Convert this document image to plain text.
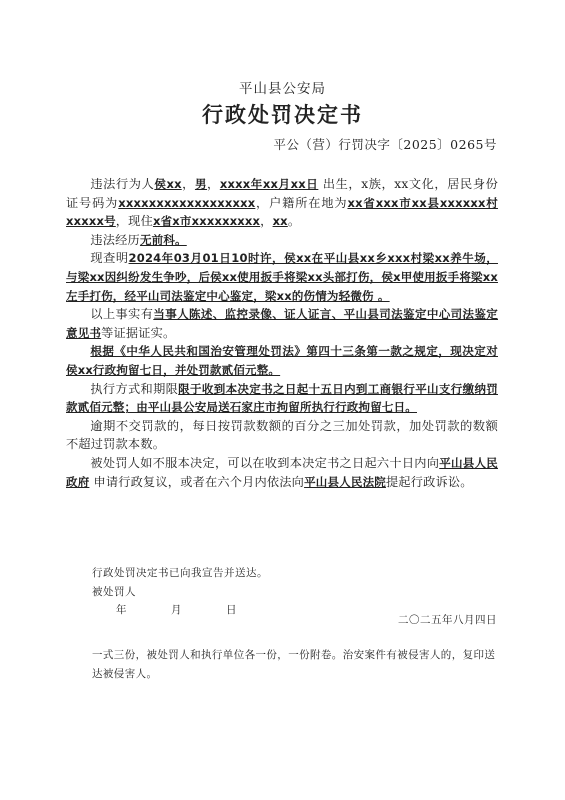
平山县公安局
行政处罚决定书
平公（营）行罚决字〔2025〕0265号

违法行为人侯xx，男，xxxx年xx月xx日 出生，x族，xx文化，居民身份证号码为xxxxxxxxxxxxxxxxxx，户籍所在地为xx省xxx市xx县xxxxxx村xxxxx号，现住x省x市xxxxxxxxx，xx。

违法经历无前科。

现查明2024年03月01日10时许，侯xx在平山县xx乡xxx村梁xx养牛场，与梁xx因纠纷发生争吵，后侯xx使用扳手将梁xx头部打伤，侯x甲使用扳手将梁xx左手打伤，经平山司法鉴定中心鉴定，梁xx的伤情为轻微伤 。

以上事实有当事人陈述、监控录像、证人证言、平山县司法鉴定中心司法鉴定意见书等证据证实。

根据《中华人民共和国治安管理处罚法》第四十三条第一款之规定，现决定对侯xx行政拘留七日，并处罚款贰佰元整。

执行方式和期限限于收到本决定书之日起十五日内到工商银行平山支行缴纳罚款贰佰元整；由平山县公安局送石家庄市拘留所执行行政拘留七日。

逾期不交罚款的，每日按罚款数额的百分之三加处罚款，加处罚款的数额不超过罚款本数。

被处罚人如不服本决定，可以在收到本决定书之日起六十日内向平山县人民政府 申请行政复议，或者在六个月内依法向平山县人民法院提起行政诉讼。

行政处罚决定书已向我宣告并送达。
被处罚人
年	月	日
二〇二五年八月四日
一式三份，被处罚人和执行单位各一份，一份附卷。治安案件有被侵害人的，复印送达被侵害人。
